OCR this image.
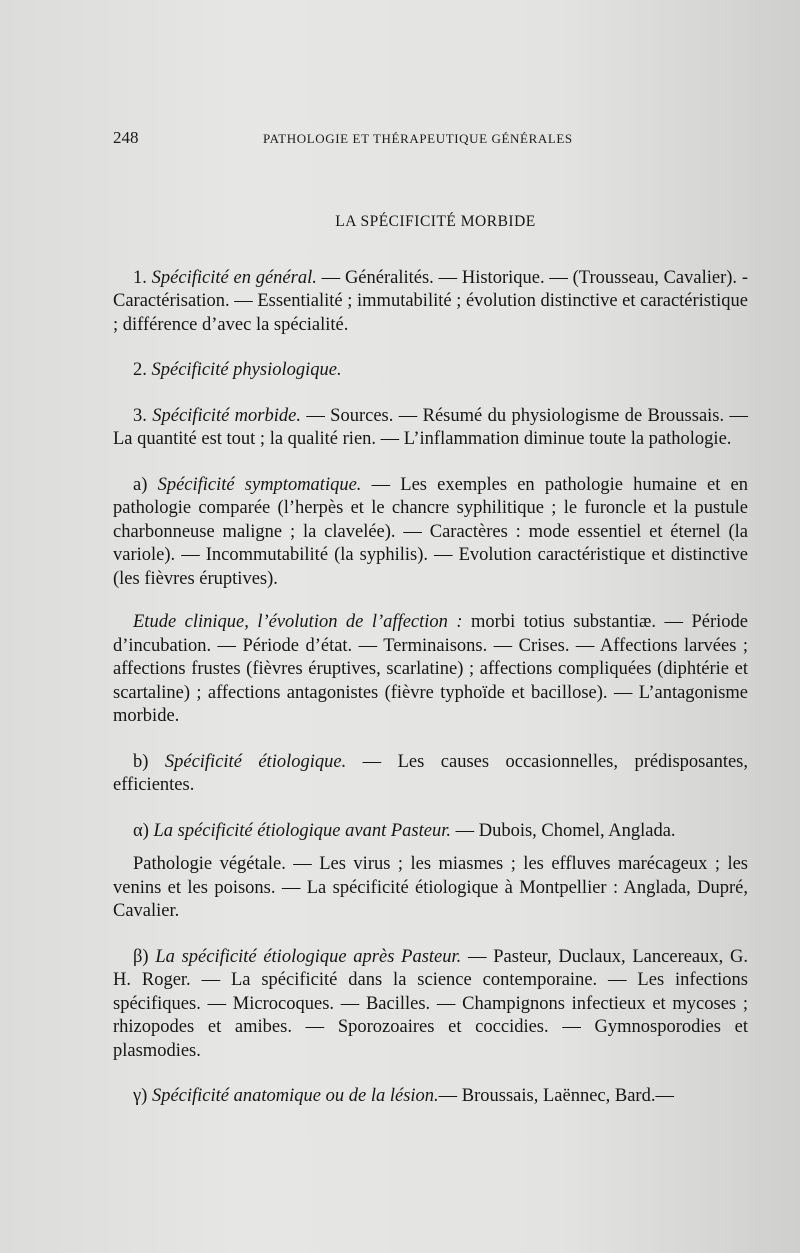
248	PATHOLOGIE ET THÉRAPEUTIQUE GÉNÉRALES
LA SPÉCIFICITÉ MORBIDE

1. Spécificité en général. — Généralités. — Historique. — (Trousseau, Cavalier). - Caractérisation. — Essentialité ; immutabilité ; évolution distinctive et caractéristique ; différence d’avec la spécialité.

2. Spécificité physiologique.

3. Spécificité morbide. — Sources. — Résumé du physiologisme de Broussais. — La quantité est tout ; la qualité rien. — L’inflammation diminue toute la pathologie.

a) Spécificité symptomatique. — Les exemples en pathologie humaine et en pathologie comparée (l’herpès et le chancre syphilitique ; le furoncle et la pustule charbonneuse maligne ; la clavelée). — Caractères : mode essentiel et éternel (la variole). — Incommutabilité (la syphilis). — Evolution caractéristique et distinctive (les fièvres éruptives).

Etude clinique, l’évolution de l’affection : morbi totius substantiæ. — Période d’incubation. — Période d’état. — Terminaisons. — Crises. — Affections larvées ; affections frustes (fièvres éruptives, scarlatine) ; affections compliquées (diphtérie et scartaline) ; affections antagonistes (fièvre typhoïde et bacillose). — L’antagonisme morbide.

b) Spécificité étiologique. — Les causes occasionnelles, prédisposantes, efficientes.

α) La spécificité étiologique avant Pasteur. — Dubois, Chomel, Anglada.

Pathologie végétale. — Les virus ; les miasmes ; les effluves marécageux ; les venins et les poisons. — La spécificité étiologique à Montpellier : Anglada, Dupré, Cavalier.

β) La spécificité étiologique après Pasteur. — Pasteur, Duclaux, Lancereaux, G. H. Roger. — La spécificité dans la science contemporaine. — Les infections spécifiques. — Microcoques. — Bacilles. — Champignons infectieux et mycoses ; rhizopodes et amibes. — Sporozoaires et coccidies. — Gymnosporodies et plasmodies.

γ) Spécificité anatomique ou de la lésion.— Broussais, Laënnec, Bard.—
